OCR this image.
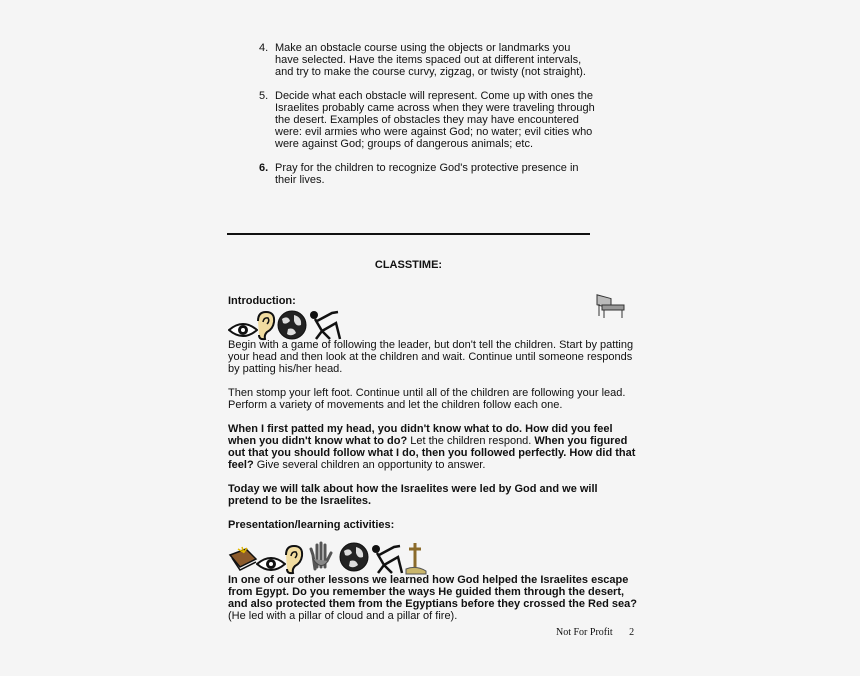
4. Make an obstacle course using the objects or landmarks you have selected. Have the items spaced out at different intervals, and try to make the course curvy, zigzag, or twisty (not straight).
5. Decide what each obstacle will represent. Come up with ones the Israelites probably came across when they were traveling through the desert. Examples of obstacles they may have encountered were: evil armies who were against God; no water; evil cities who were against God; groups of dangerous animals; etc.
6. Pray for the children to recognize God's protective presence in their lives.
CLASSTIME:
Introduction:
Begin with a game of following the leader, but don't tell the children. Start by patting your head and then look at the children and wait. Continue until someone responds by patting his/her head.
Then stomp your left foot. Continue until all of the children are following your lead. Perform a variety of movements and let the children follow each one.
When I first patted my head, you didn't know what to do. How did you feel when you didn't know what to do? Let the children respond. When you figured out that you should follow what I do, then you followed perfectly. How did that feel? Give several children an opportunity to answer.
Today we will talk about how the Israelites were led by God and we will pretend to be the Israelites.
Presentation/learning activities:
In one of our other lessons we learned how God helped the Israelites escape from Egypt. Do you remember the ways He guided them through the desert, and also protected them from the Egyptians before they crossed the Red sea? (He led with a pillar of cloud and a pillar of fire).
Not For Profit 2
